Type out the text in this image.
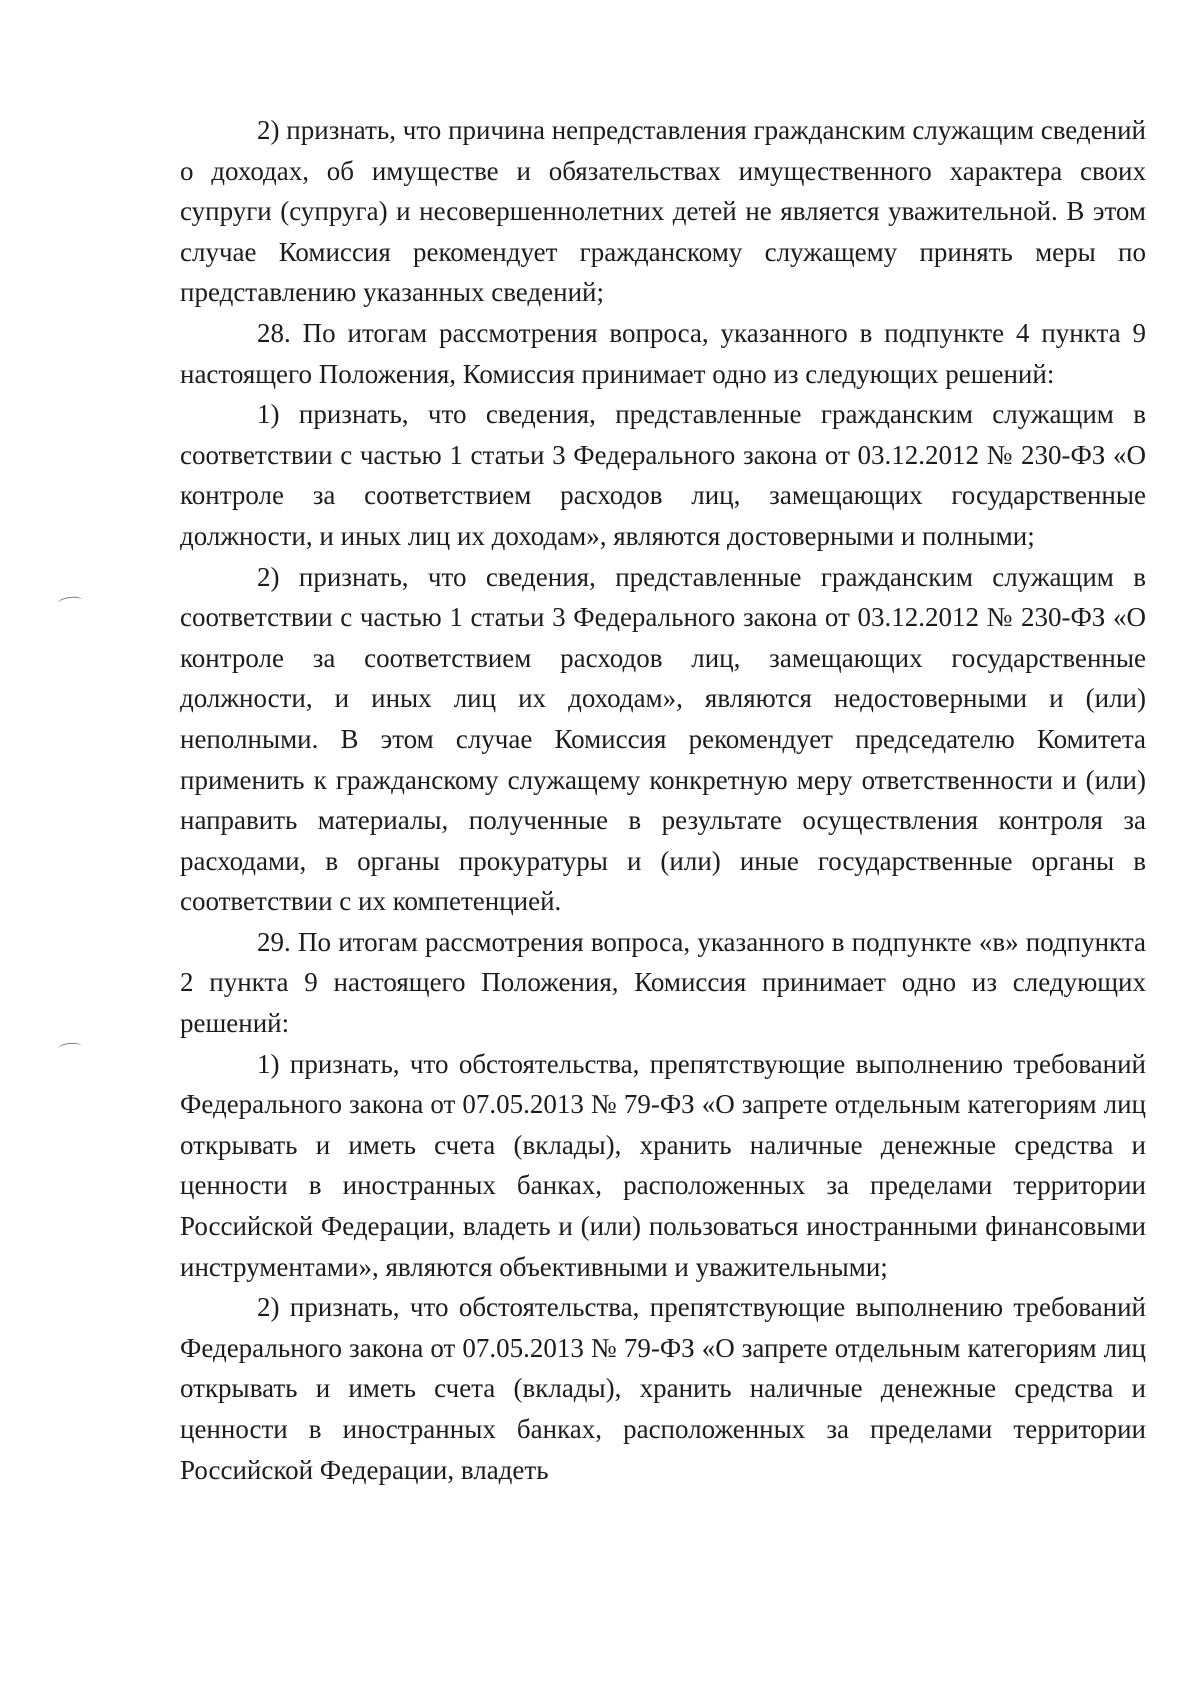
2) признать, что причина непредставления гражданским служащим сведений о доходах, об имуществе и обязательствах имущественного характера своих супруги (супруга) и несовершеннолетних детей не является уважительной. В этом случае Комиссия рекомендует гражданскому служащему принять меры по представлению указанных сведений;

28. По итогам рассмотрения вопроса, указанного в подпункте 4 пункта 9 настоящего Положения, Комиссия принимает одно из следующих решений:

1) признать, что сведения, представленные гражданским служащим в соответствии с частью 1 статьи 3 Федерального закона от 03.12.2012 № 230-ФЗ «О контроле за соответствием расходов лиц, замещающих государственные должности, и иных лиц их доходам», являются достоверными и полными;

2) признать, что сведения, представленные гражданским служащим в соответствии с частью 1 статьи 3 Федерального закона от 03.12.2012 № 230-ФЗ «О контроле за соответствием расходов лиц, замещающих государственные должности, и иных лиц их доходам», являются недостоверными и (или) неполными. В этом случае Комиссия рекомендует председателю Комитета применить к гражданскому служащему конкретную меру ответственности и (или) направить материалы, полученные в результате осуществления контроля за расходами, в органы прокуратуры и (или) иные государственные органы в соответствии с их компетенцией.

29. По итогам рассмотрения вопроса, указанного в подпункте «в» подпункта 2 пункта 9 настоящего Положения, Комиссия принимает одно из следующих решений:

1) признать, что обстоятельства, препятствующие выполнению требований Федерального закона от 07.05.2013 № 79-ФЗ «О запрете отдельным категориям лиц открывать и иметь счета (вклады), хранить наличные денежные средства и ценности в иностранных банках, расположенных за пределами территории Российской Федерации, владеть и (или) пользоваться иностранными финансовыми инструментами», являются объективными и уважительными;

2) признать, что обстоятельства, препятствующие выполнению требований Федерального закона от 07.05.2013 № 79-ФЗ «О запрете отдельным категориям лиц открывать и иметь счета (вклады), хранить наличные денежные средства и ценности в иностранных банках, расположенных за пределами территории Российской Федерации, владеть
